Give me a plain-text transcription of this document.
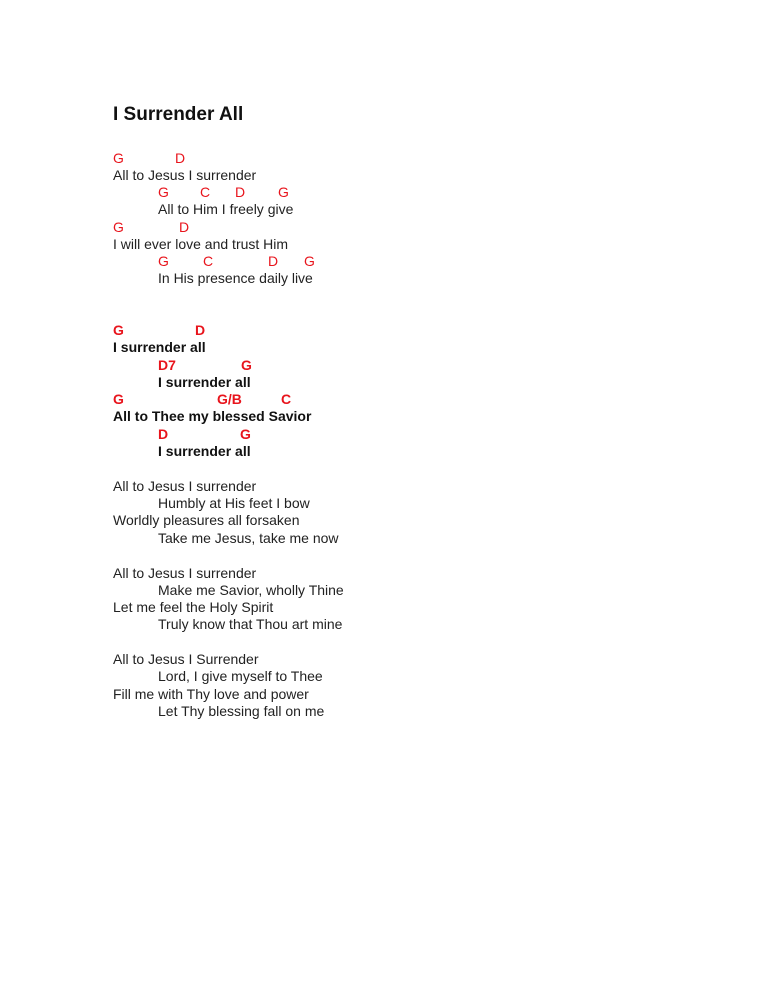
I Surrender All
G	D
All to Jesus I surrender
G C D G
All to Him I freely give
G	D
I will ever love and trust Him
G C	D G
In His presence daily live
G	D
I surrender all
D7	G
I surrender all
G	G/B	C
All to Thee my blessed Savior
D	G
I surrender all
All to Jesus I surrender
Humbly at His feet I bow
Worldly pleasures all forsaken
Take me Jesus, take me now
All to Jesus I surrender
Make me Savior, wholly Thine
Let me feel the Holy Spirit
Truly know that Thou art mine
All to Jesus I Surrender
Lord, I give myself to Thee
Fill me with Thy love and power
Let Thy blessing fall on me
